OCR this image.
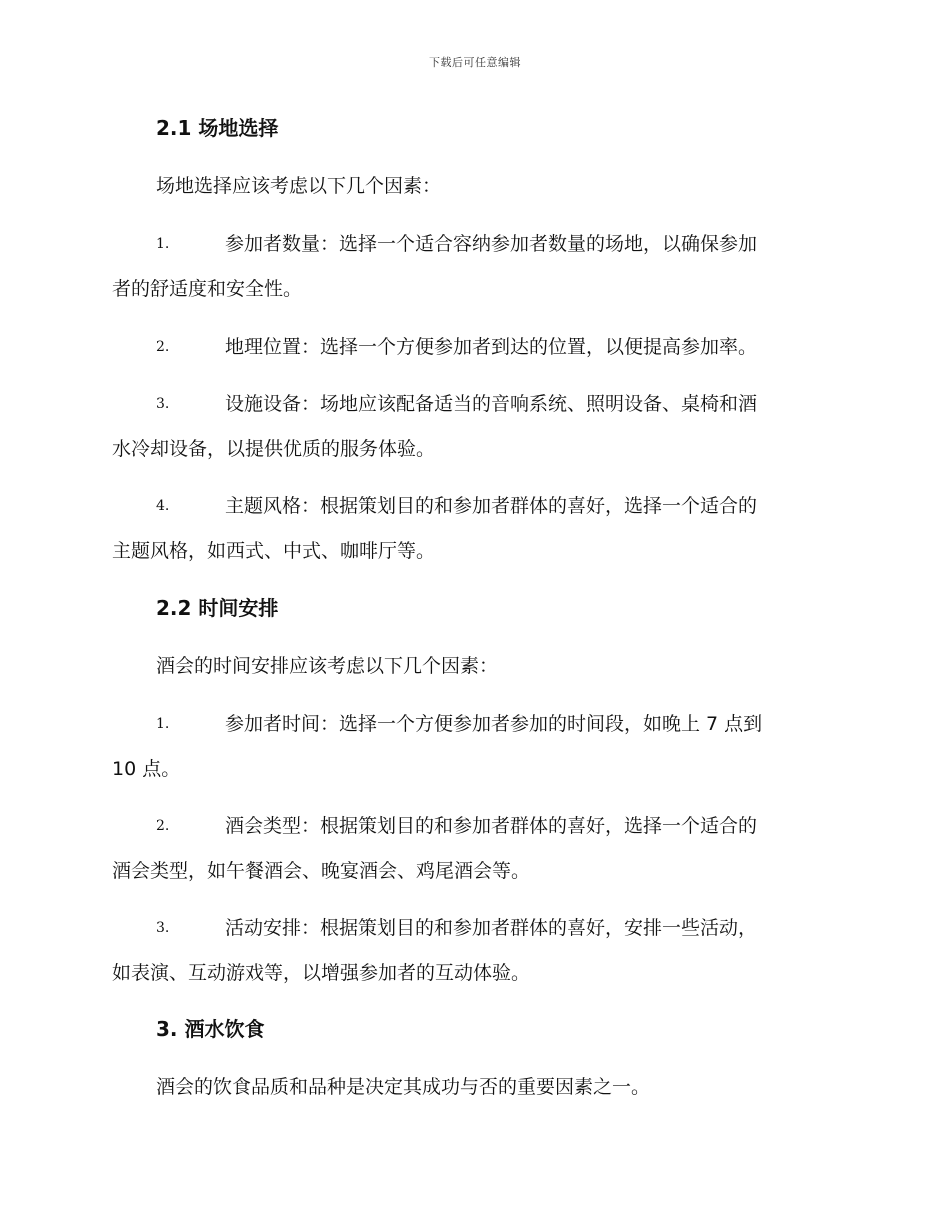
下载后可任意编辑
2.1 场地选择
场地选择应该考虑以下几个因素：
1.	参加者数量：选择一个适合容纳参加者数量的场地，以确保参加
者的舒适度和安全性。
2.	地理位置：选择一个方便参加者到达的位置，以便提高参加率。
3.	设施设备：场地应该配备适当的音响系统、照明设备、桌椅和酒
水冷却设备，以提供优质的服务体验。
4.	主题风格：根据策划目的和参加者群体的喜好，选择一个适合的
主题风格，如西式、中式、咖啡厅等。
2.2 时间安排
酒会的时间安排应该考虑以下几个因素：
1.	参加者时间：选择一个方便参加者参加的时间段，如晚上 7 点到
10 点。
2.	酒会类型：根据策划目的和参加者群体的喜好，选择一个适合的
酒会类型，如午餐酒会、晚宴酒会、鸡尾酒会等。
3.	活动安排：根据策划目的和参加者群体的喜好，安排一些活动，
如表演、互动游戏等，以增强参加者的互动体验。
3. 酒水饮食
酒会的饮食品质和品种是决定其成功与否的重要因素之一。
